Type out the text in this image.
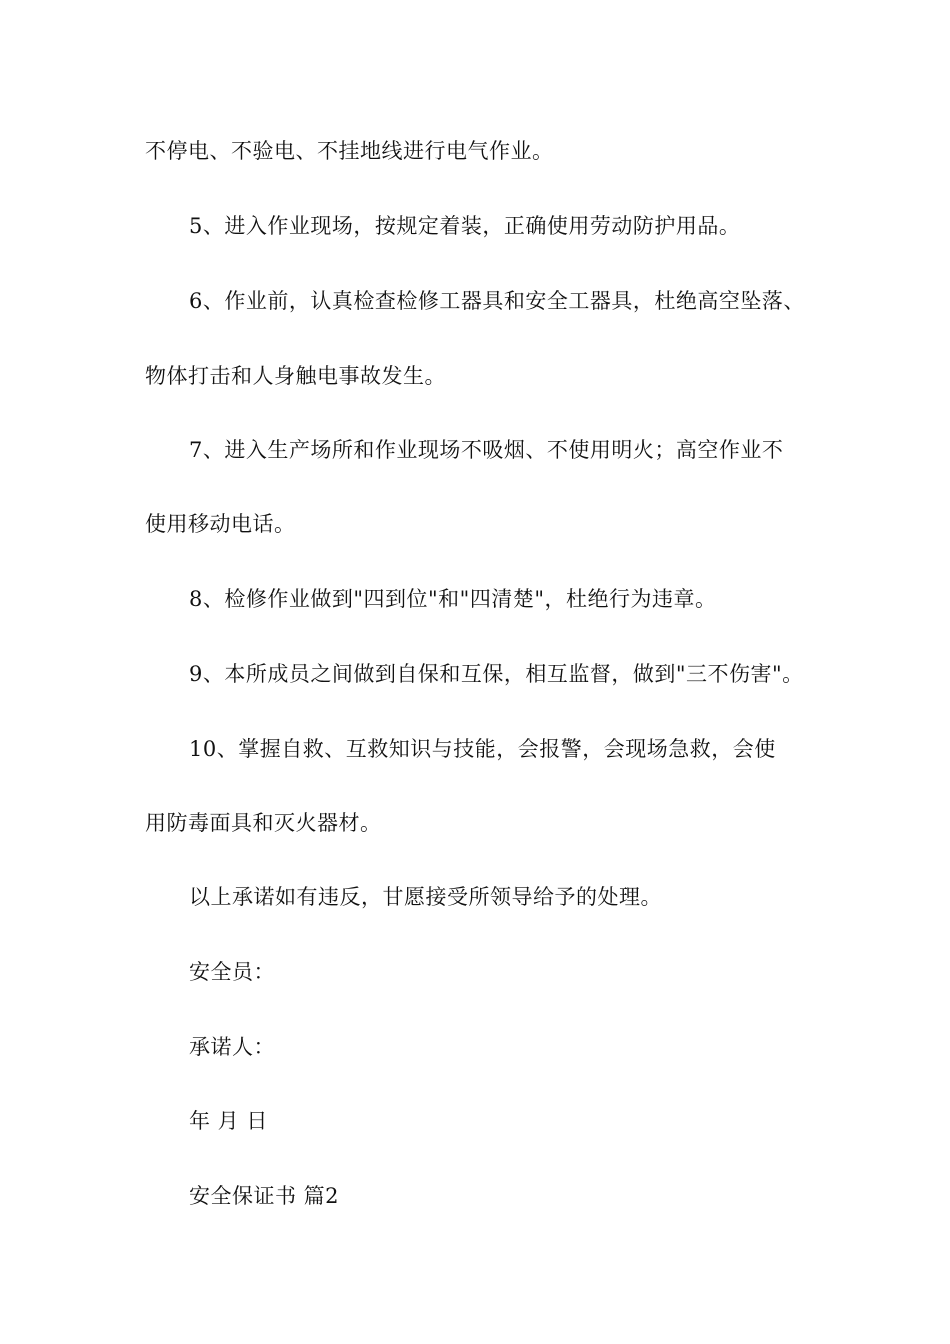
不停电、不验电、不挂地线进行电气作业。
5、进入作业现场，按规定着装，正确使用劳动防护用品。
6、作业前，认真检查检修工器具和安全工器具，杜绝高空坠落、
物体打击和人身触电事故发生。
7、进入生产场所和作业现场不吸烟、不使用明火；高空作业不
使用移动电话。
8、检修作业做到"四到位"和"四清楚"，杜绝行为违章。
9、本所成员之间做到自保和互保，相互监督，做到"三不伤害"。
10、掌握自救、互救知识与技能，会报警，会现场急救，会使
用防毒面具和灭火器材。
以上承诺如有违反，甘愿接受所领导给予的处理。
安全员：
承诺人：
年 月 日
安全保证书 篇2
